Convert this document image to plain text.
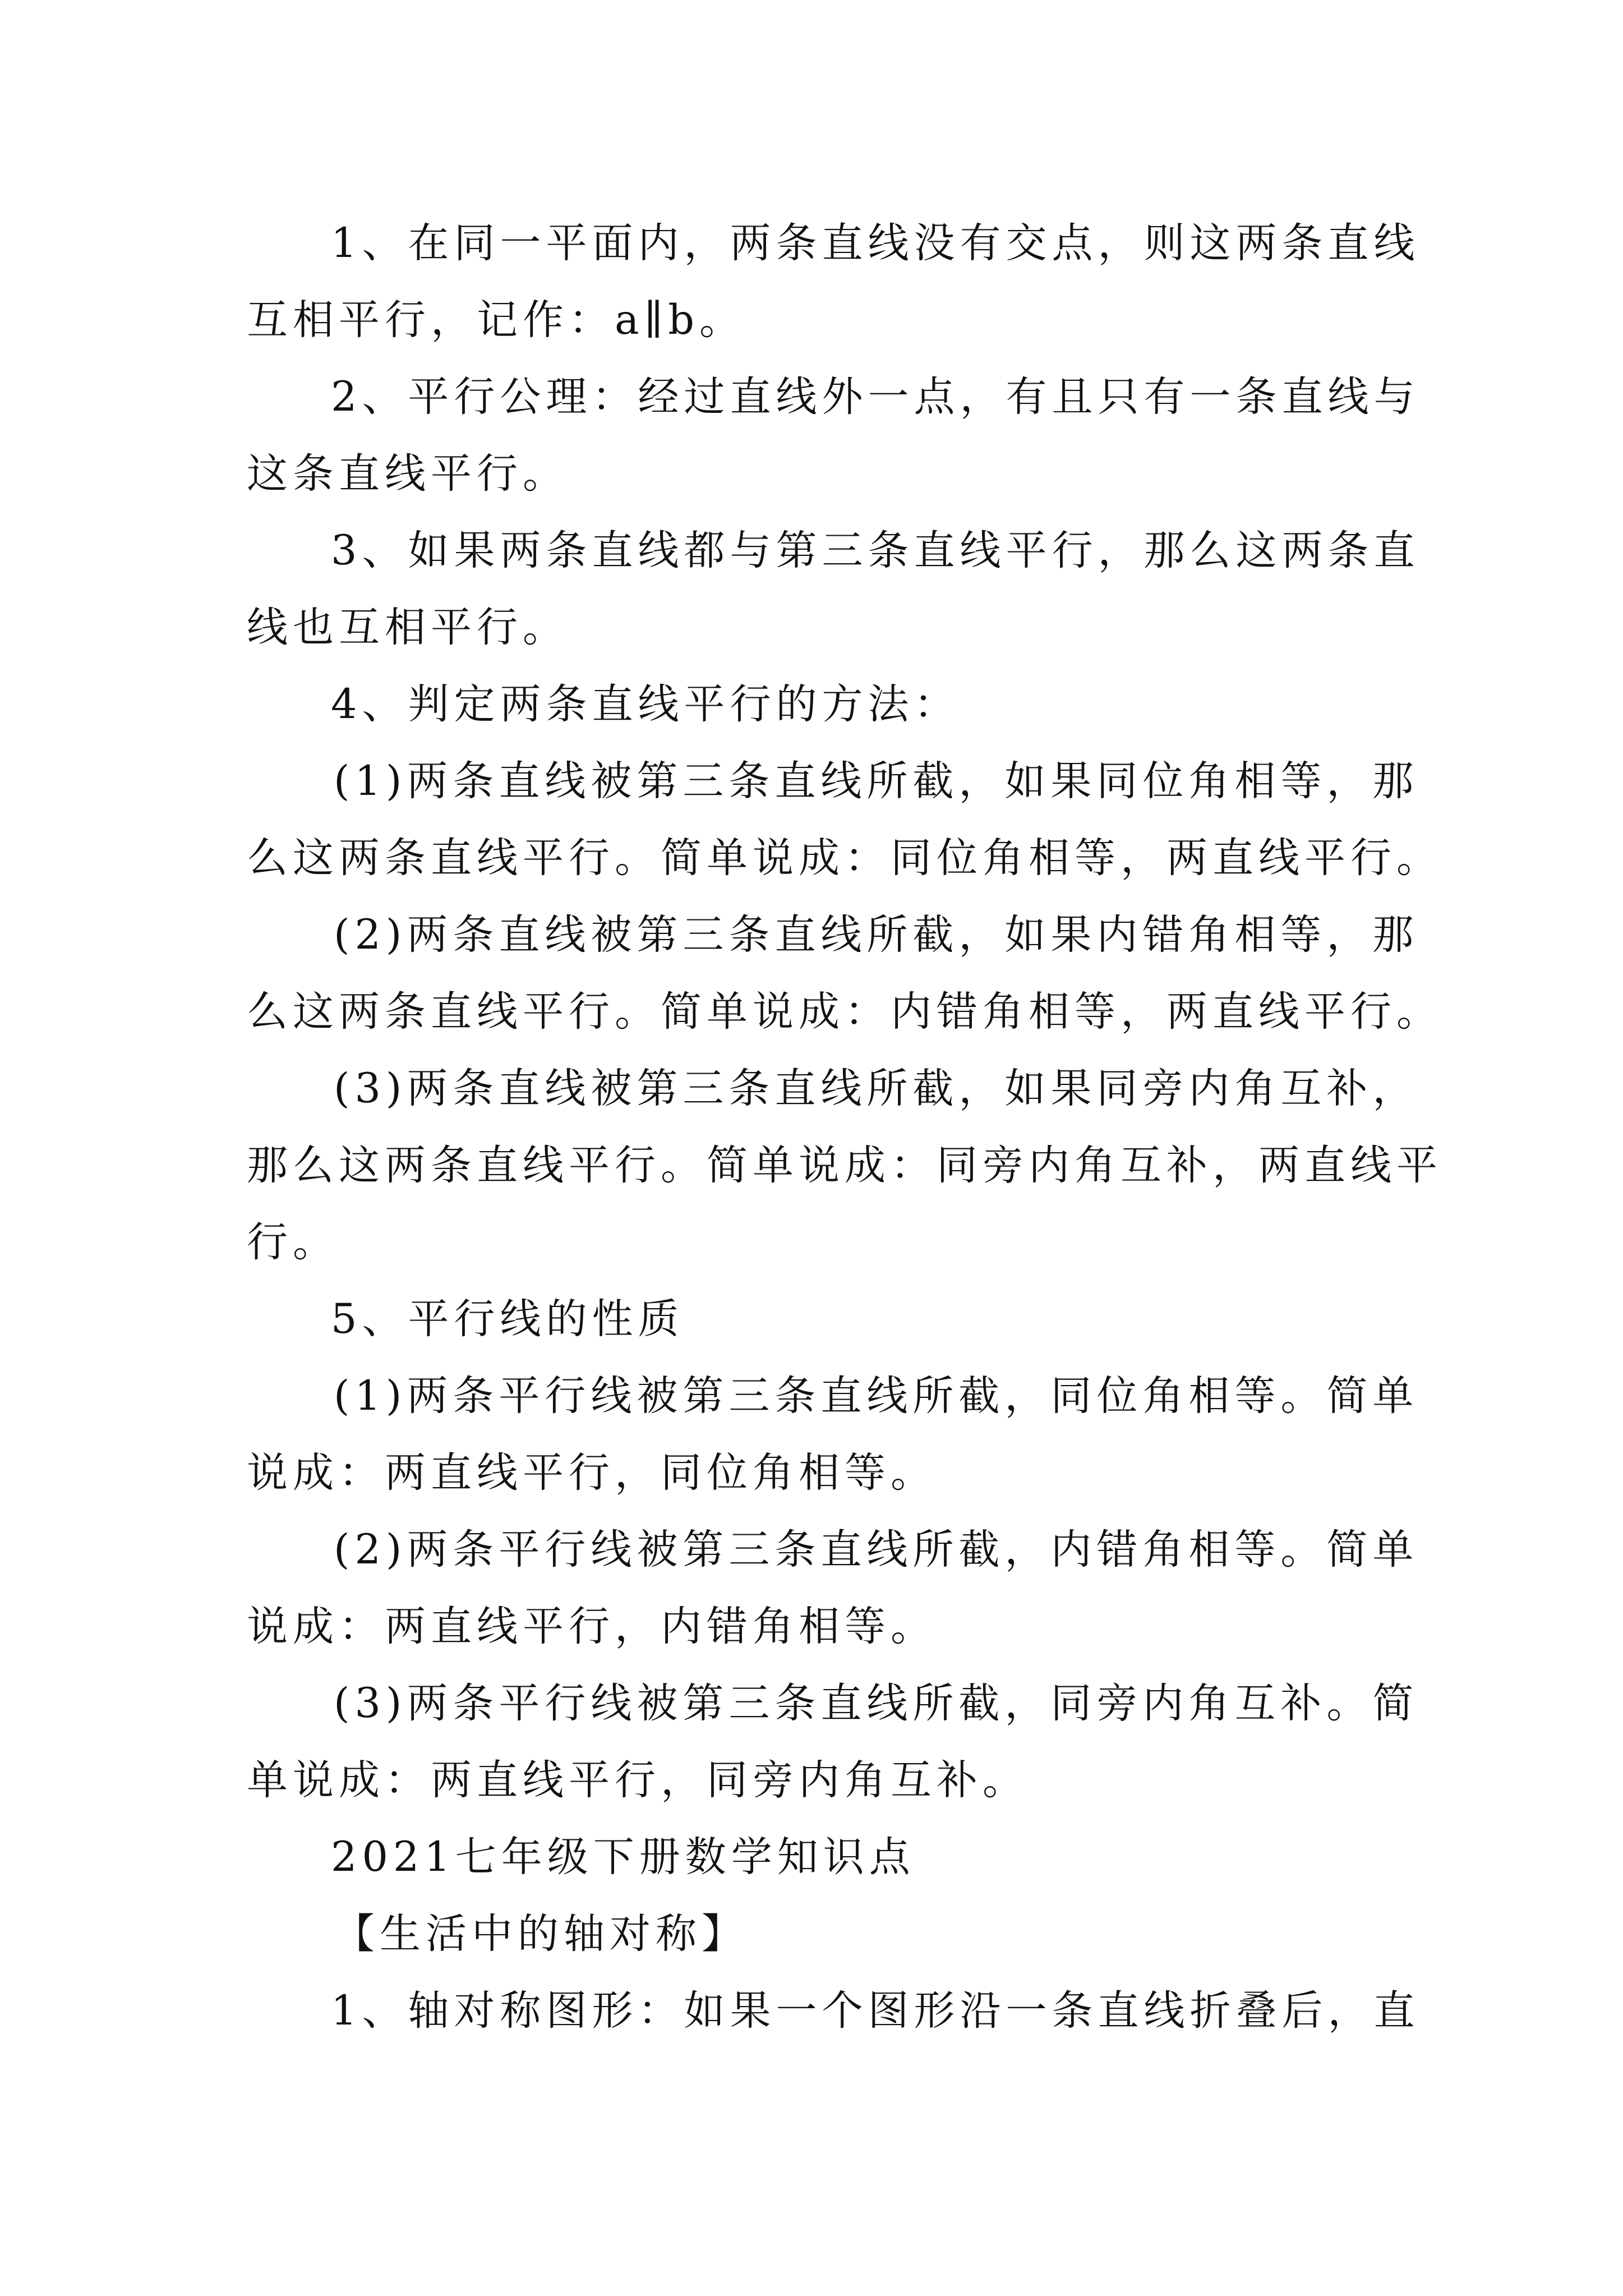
1、在同一平面内，两条直线没有交点，则这两条直线
互相平行，记作：a∥b。
2、平行公理：经过直线外一点，有且只有一条直线与
这条直线平行。
3、如果两条直线都与第三条直线平行，那么这两条直
线也互相平行。
4、判定两条直线平行的方法：
(1)两条直线被第三条直线所截，如果同位角相等，那
么这两条直线平行。简单说成：同位角相等，两直线平行。
(2)两条直线被第三条直线所截，如果内错角相等，那
么这两条直线平行。简单说成：内错角相等，两直线平行。
(3)两条直线被第三条直线所截，如果同旁内角互补，
那么这两条直线平行。简单说成：同旁内角互补，两直线平
行。
5、平行线的性质
(1)两条平行线被第三条直线所截，同位角相等。简单
说成：两直线平行，同位角相等。
(2)两条平行线被第三条直线所截，内错角相等。简单
说成：两直线平行，内错角相等。
(3)两条平行线被第三条直线所截，同旁内角互补。简
单说成：两直线平行，同旁内角互补。
2021七年级下册数学知识点
【生活中的轴对称】
1、轴对称图形：如果一个图形沿一条直线折叠后，直
